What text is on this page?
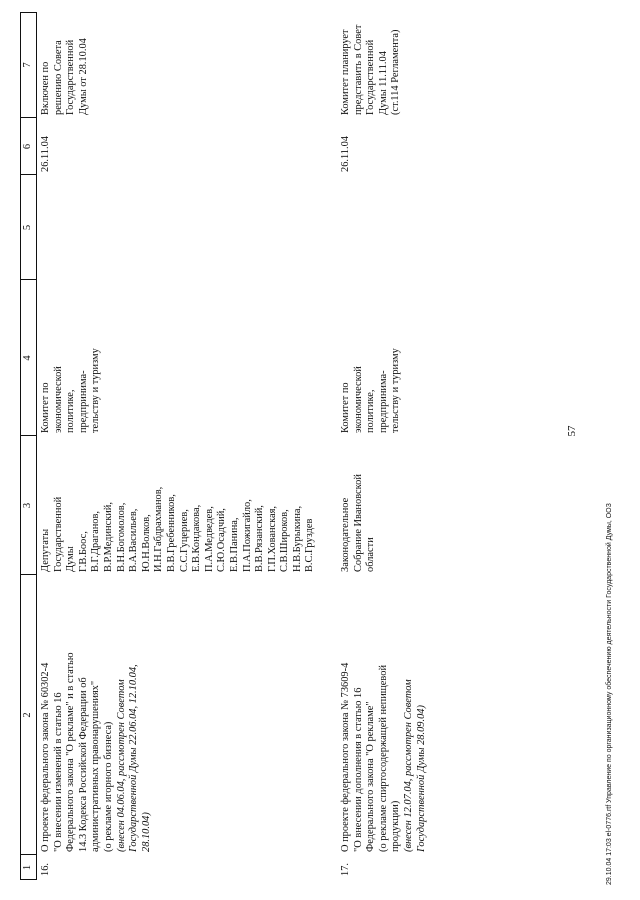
57
29.10.04 17:03 el-0776.rtf Управление по организационному обеспечению деятельности Государственной Думы, ООЗ
1
2
3
4
5
6
7
16.
О проекте федерального закона № 60302-4 "О внесении изменений в статью 16 Федерального закона "О рекламе" и в статью 14.3 Кодекса Российской Федерации об административных правонарушениях" (о рекламе игорного бизнеса) (внесен 04.06.04, рассмотрен Советом Государственной Думы 22.06.04, 12.10.04, 28.10.04)
Депутаты Государственной Думы Г.В.Боос, В.Г.Драганов, В.Р.Мединский, В.Н.Богомолов, В.А.Васильев, Ю.Н.Волков, И.Н.Габдрахманов, В.В.Гребенников, С.С.Гуцериев, Е.В.Кондакова, П.А.Медведев, С.Ю.Осадчий, Е.В.Панина, П.А.Пожигайло, В.В.Рязанский, Г.П.Хованская, С.В.Широков, Н.В.Бурыкина, В.С.Груздев
Комитет по экономической политике, предпринима- тельству и туризму
26.11.04
Включен по решению Совета Государственной Думы от 28.10.04
17.
О проекте федерального закона № 73609-4 "О внесении дополнения в статью 16 Федерального закона "О рекламе" (о рекламе спиртосодержащей непищевой продукции) (внесен 12.07.04, рассмотрен Советом Государственной Думы 28.09.04)
Законодательное Собрание Ивановской области
Комитет по экономической политике, предпринима- тельству и туризму
26.11.04
Комитет планирует представить в Совет Государственной Думы 11.11.04 (ст.114 Регламента)
